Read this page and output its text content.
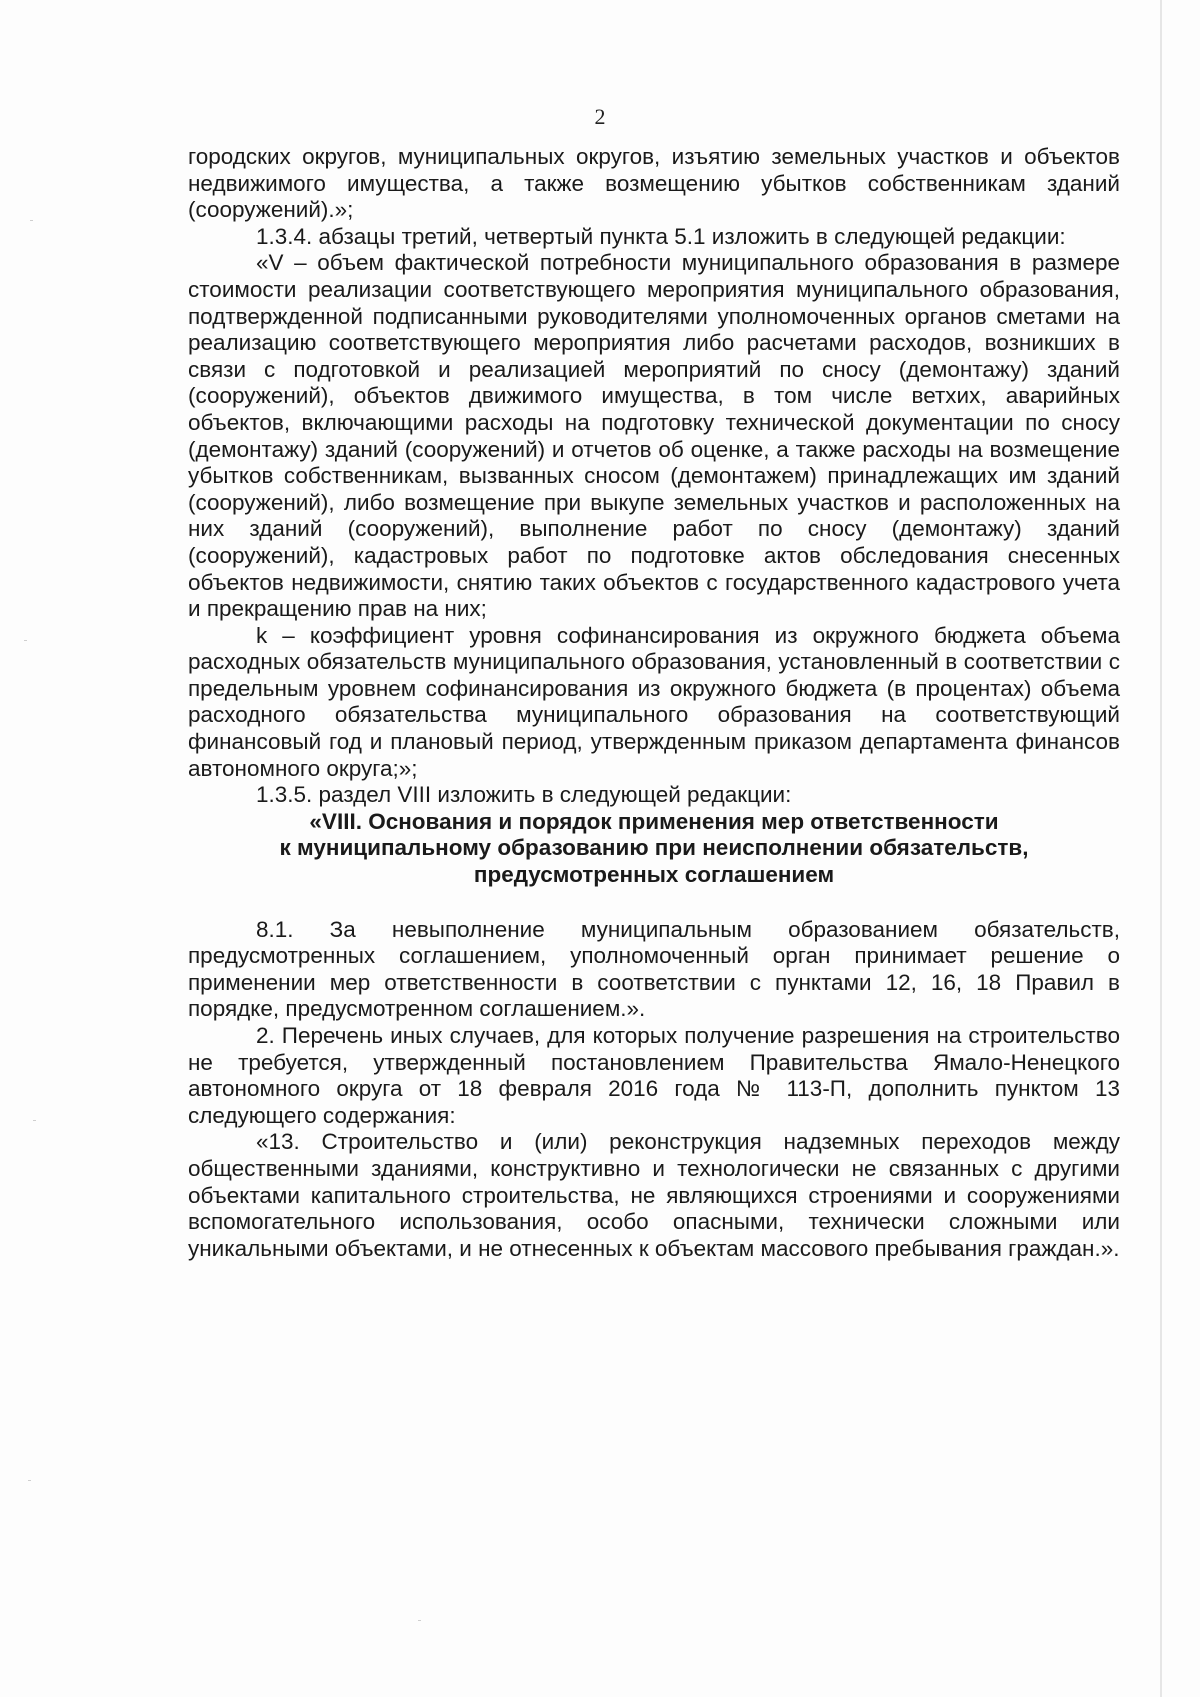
2

городских округов, муниципальных округов, изъятию земельных участков и объектов недвижимого имущества, а также возмещению убытков собственникам зданий (сооружений).»;

1.3.4. абзацы третий, четвертый пункта 5.1 изложить в следующей редакции:

«V – объем фактической потребности муниципального образования в размере стоимости реализации соответствующего мероприятия муниципального образования, подтвержденной подписанными руководителями уполномоченных органов сметами на реализацию соответствующего мероприятия либо расчетами расходов, возникших в связи с подготовкой и реализацией мероприятий по сносу (демонтажу) зданий (сооружений), объектов движимого имущества, в том числе ветхих, аварийных объектов, включающими расходы на подготовку технической документации по сносу (демонтажу) зданий (сооружений) и отчетов об оценке, а также расходы на возмещение убытков собственникам, вызванных сносом (демонтажем) принадлежащих им зданий (сооружений), либо возмещение при выкупе земельных участков и расположенных на них зданий (сооружений), выполнение работ по сносу (демонтажу) зданий (сооружений), кадастровых работ по подготовке актов обследования снесенных объектов недвижимости, снятию таких объектов с государственного кадастрового учета и прекращению прав на них;

k – коэффициент уровня софинансирования из окружного бюджета объема расходных обязательств муниципального образования, установленный в соответствии с предельным уровнем софинансирования из окружного бюджета (в процентах) объема расходного обязательства муниципального образования на соответствующий финансовый год и плановый период, утвержденным приказом департамента финансов автономного округа;»;

1.3.5. раздел VIII изложить в следующей редакции:

«VIII. Основания и порядок применения мер ответственности
к муниципальному образованию при неисполнении обязательств,
предусмотренных соглашением

8.1. За невыполнение муниципальным образованием обязательств, предусмотренных соглашением, уполномоченный орган принимает решение о применении мер ответственности в соответствии с пунктами 12, 16, 18 Правил в порядке, предусмотренном соглашением.».

2. Перечень иных случаев, для которых получение разрешения на строительство не требуется, утвержденный постановлением Правительства Ямало-Ненецкого автономного округа от 18 февраля 2016 года № 113-П, дополнить пунктом 13 следующего содержания:

«13. Строительство и (или) реконструкция надземных переходов между общественными зданиями, конструктивно и технологически не связанных с другими объектами капитального строительства, не являющихся строениями и сооружениями вспомогательного использования, особо опасными, технически сложными или уникальными объектами, и не отнесенных к объектам массового пребывания граждан.».
